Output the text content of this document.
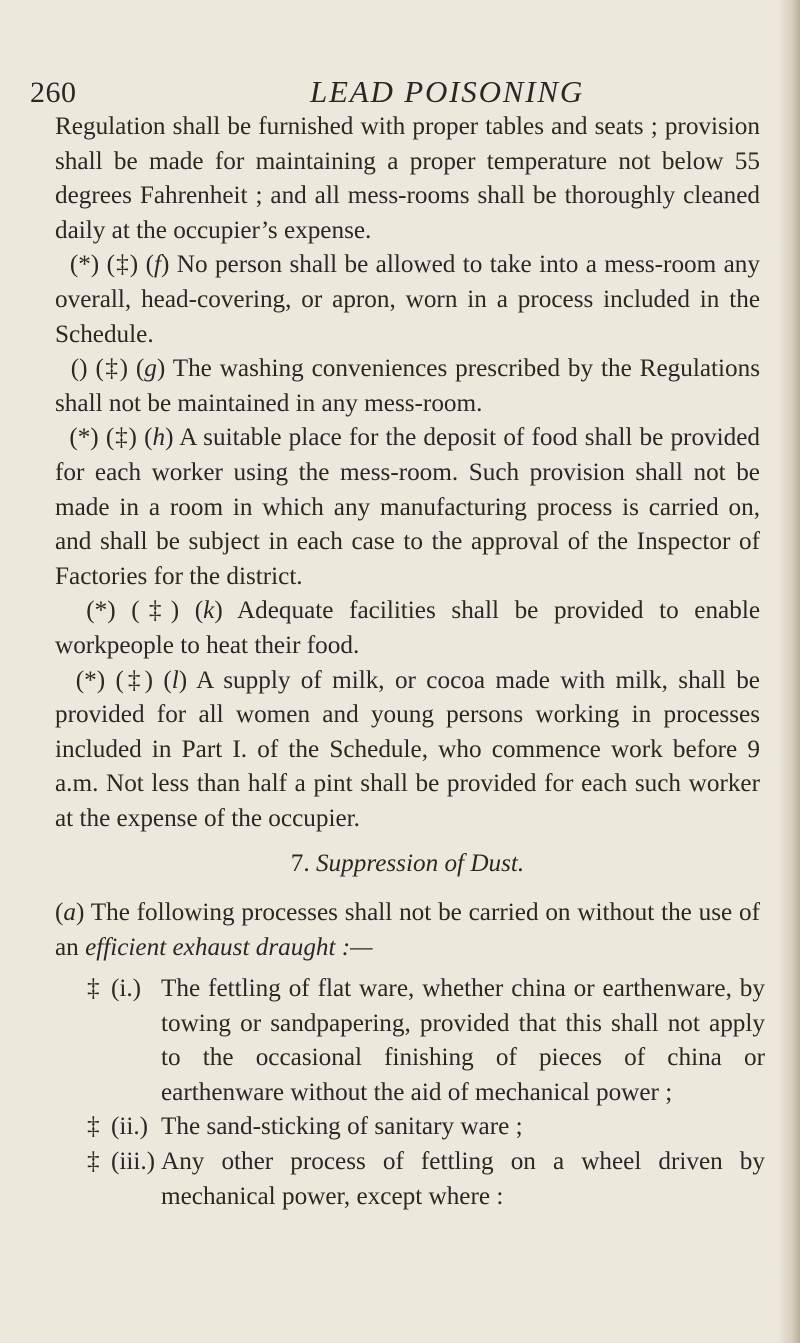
260	LEAD POISONING

Regulation shall be furnished with proper tables and seats ; provision shall be made for maintaining a proper temperature not below 55 degrees Fahrenheit ; and all mess-rooms shall be thoroughly cleaned daily at the occupier’s expense.

(*) (‡) (f) No person shall be allowed to take into a mess-room any overall, head-covering, or apron, worn in a process included in the Schedule.

() (‡) (g) The washing conveniences prescribed by the Regulations shall not be maintained in any mess-room.

(*) (‡) (h) A suitable place for the deposit of food shall be provided for each worker using the mess-room. Such provision shall not be made in a room in which any manufacturing process is carried on, and shall be subject in each case to the approval of the Inspector of Factories for the district.

(*) (‡) (k) Adequate facilities shall be provided to enable workpeople to heat their food.

(*) (‡) (l) A supply of milk, or cocoa made with milk, shall be provided for all women and young persons working in processes included in Part I. of the Schedule, who commence work before 9 a.m. Not less than half a pint shall be provided for each such worker at the expense of the occupier.

7. Suppression of Dust.

(a) The following processes shall not be carried on without the use of an efficient exhaust draught :—

‡ (i.) The fettling of flat ware, whether china or earthenware, by towing or sandpapering, provided that this shall not apply to the occasional finishing of pieces of china or earthenware without the aid of mechanical power ;
‡ (ii.) The sand-sticking of sanitary ware ;
‡ (iii.) Any other process of fettling on a wheel driven by mechanical power, except where :
